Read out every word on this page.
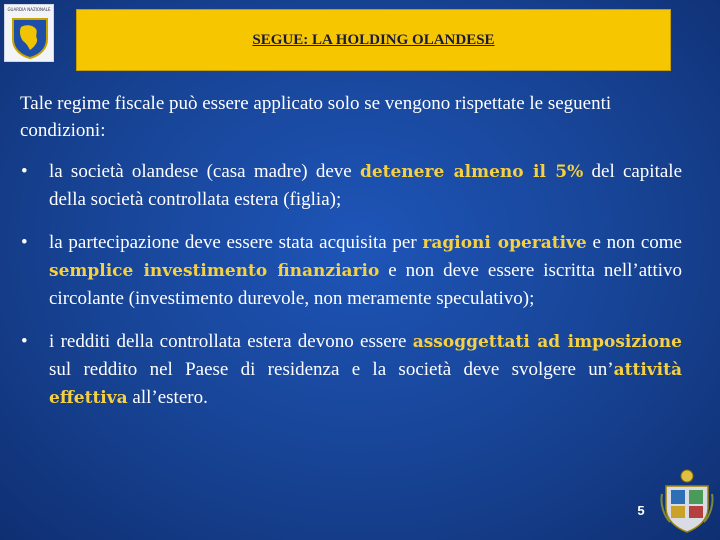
GUARDIA NAZIONALE
SEGUE: LA HOLDING OLANDESE
Tale regime fiscale può essere applicato solo se vengono rispettate le seguenti condizioni:
• la società olandese (casa madre) deve detenere almeno il 5% del capitale della società controllata estera (figlia);
• la partecipazione deve essere stata acquisita per ragioni operative e non come semplice investimento finanziario e non deve essere iscritta nell’attivo circolante (investimento durevole, non meramente speculativo);
• i redditi della controllata estera devono essere assoggettati ad imposizione sul reddito nel Paese di residenza e la società deve svolgere un’attività effettiva all’estero.
5
